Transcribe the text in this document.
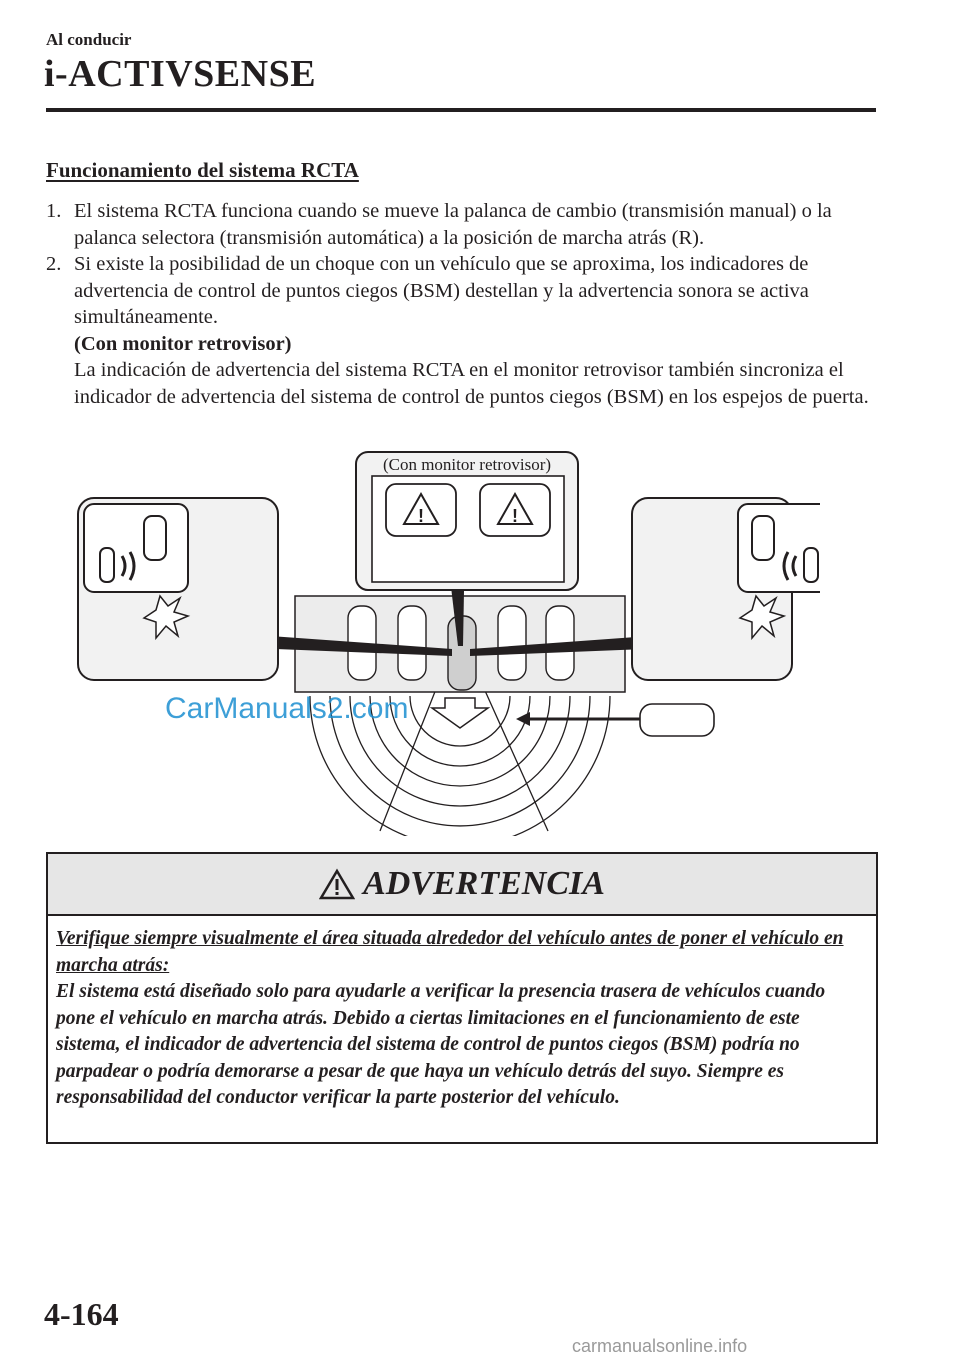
Al conducir
i-ACTIVSENSE
Funcionamiento del sistema RCTA
1. El sistema RCTA funciona cuando se mueve la palanca de cambio (transmisión manual) o la palanca selectora (transmisión automática) a la posición de marcha atrás (R).
2. Si existe la posibilidad de un choque con un vehículo que se aproxima, los indicadores de advertencia de control de puntos ciegos (BSM) destellan y la advertencia sonora se activa simultáneamente.
(Con monitor retrovisor)
La indicación de advertencia del sistema RCTA en el monitor retrovisor también sincroniza el indicador de advertencia del sistema de control de puntos ciegos (BSM) en los espejos de puerta.
!	!
(Con monitor retrovisor)
CarManuals2.com
ADVERTENCIA
Verifique siempre visualmente el área situada alrededor del vehículo antes de poner el vehículo en marcha atrás:
El sistema está diseñado solo para ayudarle a verificar la presencia trasera de vehículos cuando pone el vehículo en marcha atrás. Debido a ciertas limitaciones en el funcionamiento de este sistema, el indicador de advertencia del sistema de control de puntos ciegos (BSM) podría no parpadear o podría demorarse a pesar de que haya un vehículo detrás del suyo. Siempre es responsabilidad del conductor verificar la parte posterior del vehículo.
4-164
carmanualsonline.info
